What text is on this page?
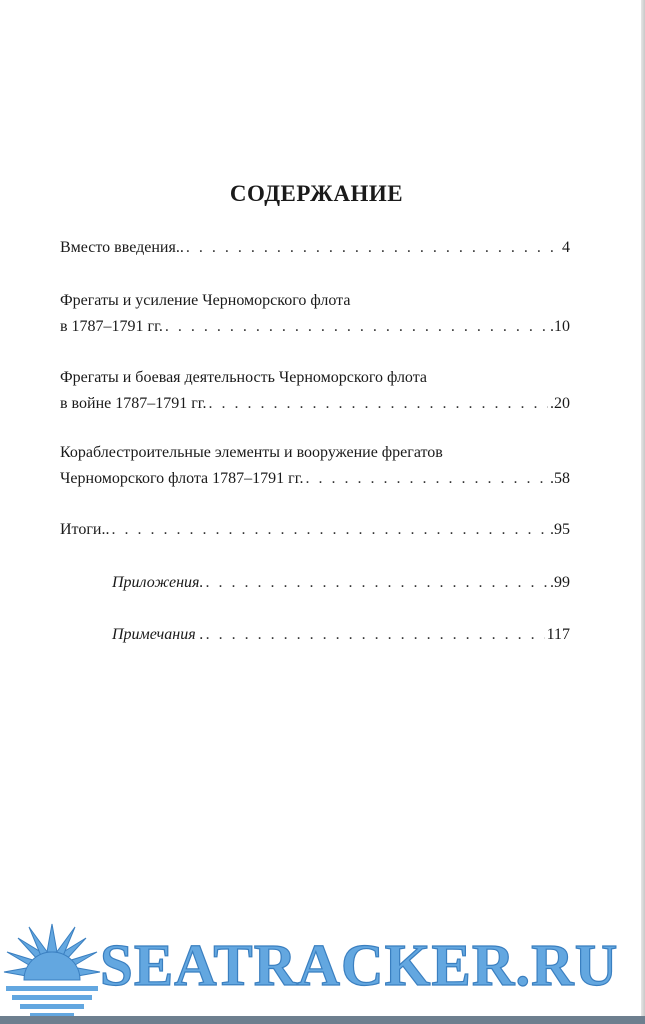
СОДЕРЖАНИЕ
Вместо введения.. . . .	4
Фрегаты и усиление Черноморского флота
в 1787–1791 гг. . . .	.10
Фрегаты и боевая деятельность Черноморского флота
в войне 1787–1791 гг. . . .	.20
Кораблестроительные элементы и вооружение фрегатов
Черноморского флота 1787–1791 гг. . . .	.58
Итоги.. . . .	.95
Приложения. . . .	.99
Примечания . . . .	117
SEATRACKER.RU
